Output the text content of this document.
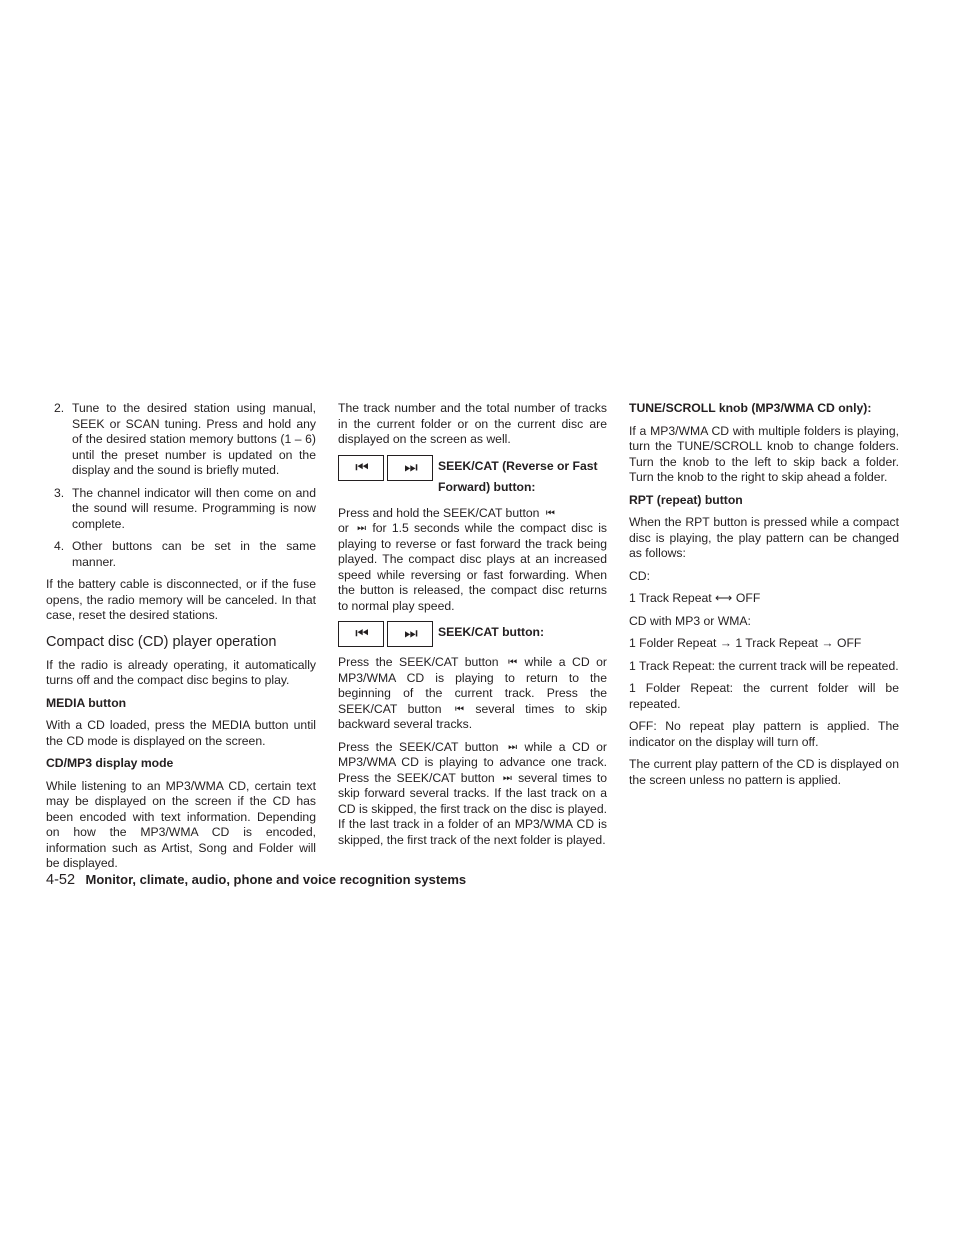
2. Tune to the desired station using manual, SEEK or SCAN tuning. Press and hold any of the desired station memory buttons (1 – 6) until the preset number is updated on the display and the sound is briefly muted.
3. The channel indicator will then come on and the sound will resume. Programming is now complete.
4. Other buttons can be set in the same manner.

If the battery cable is disconnected, or if the fuse opens, the radio memory will be canceled. In that case, reset the desired stations.

Compact disc (CD) player operation

If the radio is already operating, it automatically turns off and the compact disc begins to play.

MEDIA button

With a CD loaded, press the MEDIA button until the CD mode is displayed on the screen.

CD/MP3 display mode

While listening to an MP3/WMA CD, certain text may be displayed on the screen if the CD has been encoded with text information. Depending on how the MP3/WMA CD is encoded, information such as Artist, Song and Folder will be displayed.

The track number and the total number of tracks in the current folder or on the current disc are displayed on the screen as well.

⏮	⏭	SEEK/CAT (Reverse or Fast Forward) button:

Press and hold the SEEK/CAT button ⏮
or ⏭ for 1.5 seconds while the compact disc is playing to reverse or fast forward the track being played. The compact disc plays at an increased speed while reversing or fast forwarding. When the button is released, the compact disc returns to normal play speed.

⏮	⏭	SEEK/CAT button:

Press the SEEK/CAT button ⏮ while a CD or MP3/WMA CD is playing to return to the beginning of the current track. Press the SEEK/CAT button ⏮ several times to skip backward several tracks.

Press the SEEK/CAT button ⏭ while a CD or MP3/WMA CD is playing to advance one track. Press the SEEK/CAT button ⏭ several times to skip forward several tracks. If the last track on a CD is skipped, the first track on the disc is played. If the last track in a folder of an MP3/WMA CD is skipped, the first track of the next folder is played.

TUNE/SCROLL knob (MP3/WMA CD only):

If a MP3/WMA CD with multiple folders is playing, turn the TUNE/SCROLL knob to change folders. Turn the knob to the left to skip back a folder. Turn the knob to the right to skip ahead a folder.

RPT (repeat) button

When the RPT button is pressed while a compact disc is playing, the play pattern can be changed as follows:

CD:

1 Track Repeat ⟷ OFF

CD with MP3 or WMA:

1 Folder Repeat → 1 Track Repeat → OFF

1 Track Repeat: the current track will be repeated.

1 Folder Repeat: the current folder will be repeated.

OFF: No repeat play pattern is applied. The indicator on the display will turn off.

The current play pattern of the CD is displayed on the screen unless no pattern is applied.

4-52 Monitor, climate, audio, phone and voice recognition systems
